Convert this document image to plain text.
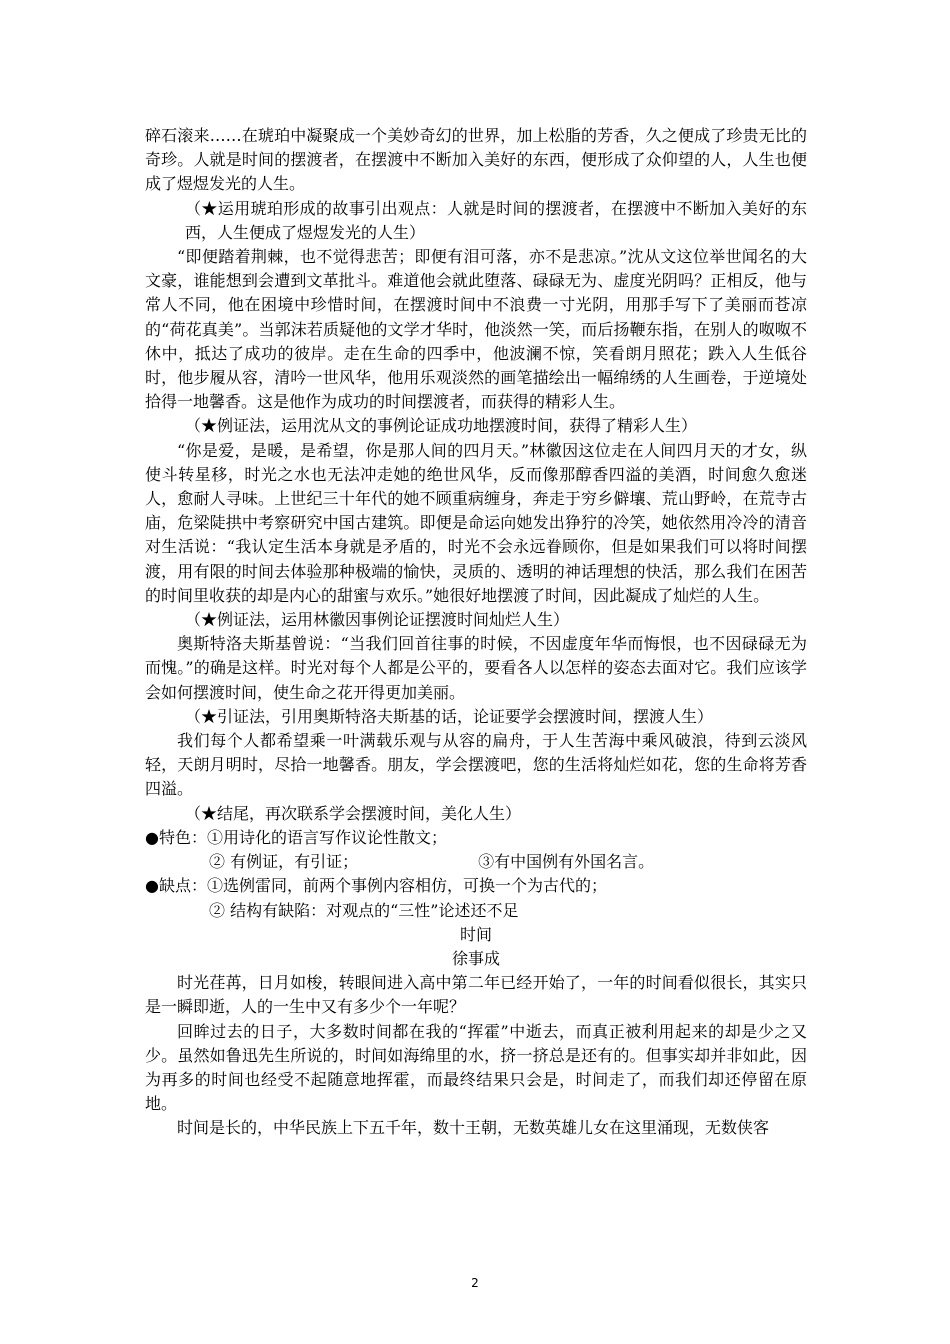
碎石滚来……在琥珀中凝聚成一个美妙奇幻的世界，加上松脂的芳香，久之便成了珍贵无比的奇珍。人就是时间的摆渡者，在摆渡中不断加入美好的东西，便形成了众仰望的人，人生也便成了煜煜发光的人生。

（★运用琥珀形成的故事引出观点：人就是时间的摆渡者，在摆渡中不断加入美好的东西，人生便成了煜煜发光的人生）

“即便踏着荆棘，也不觉得悲苦；即便有泪可落，亦不是悲凉。”沈从文这位举世闻名的大文豪，谁能想到会遭到文革批斗。难道他会就此堕落、碌碌无为、虚度光阴吗？正相反，他与常人不同，他在困境中珍惜时间，在摆渡时间中不浪费一寸光阴，用那手写下了美丽而苍凉的“荷花真美”。当郭沫若质疑他的文学才华时，他淡然一笑，而后扬鞭东指，在别人的呶呶不休中，抵达了成功的彼岸。走在生命的四季中，他波澜不惊，笑看朗月照花；跌入人生低谷时，他步履从容，清吟一世风华，他用乐观淡然的画笔描绘出一幅绵绣的人生画卷，于逆境处拾得一地馨香。这是他作为成功的时间摆渡者，而获得的精彩人生。

（★例证法，运用沈从文的事例论证成功地摆渡时间，获得了精彩人生）

“你是爱，是暖，是希望，你是那人间的四月天。”林徽因这位走在人间四月天的才女，纵使斗转星移，时光之水也无法冲走她的绝世风华，反而像那醇香四溢的美酒，时间愈久愈迷人，愈耐人寻味。上世纪三十年代的她不顾重病缠身，奔走于穷乡僻壤、荒山野岭，在荒寺古庙，危梁陡拱中考察研究中国古建筑。即便是命运向她发出狰狞的冷笑，她依然用冷冷的清音对生活说：“我认定生活本身就是矛盾的，时光不会永远眷顾你，但是如果我们可以将时间摆渡，用有限的时间去体验那种极端的愉快，灵质的、透明的神话理想的快活，那么我们在困苦的时间里收获的却是内心的甜蜜与欢乐。”她很好地摆渡了时间，因此凝成了灿烂的人生。

（★例证法，运用林徽因事例论证摆渡时间灿烂人生）

奥斯特洛夫斯基曾说：“当我们回首往事的时候，不因虚度年华而悔恨，也不因碌碌无为而愧。”的确是这样。时光对每个人都是公平的，要看各人以怎样的姿态去面对它。我们应该学会如何摆渡时间，使生命之花开得更加美丽。

（★引证法，引用奥斯特洛夫斯基的话，论证要学会摆渡时间，摆渡人生）

我们每个人都希望乘一叶满载乐观与从容的扁舟，于人生苦海中乘风破浪，待到云淡风轻，天朗月明时，尽拾一地馨香。朋友，学会摆渡吧，您的生活将灿烂如花，您的生命将芳香四溢。

（★结尾，再次联系学会摆渡时间，美化人生）

●特色：①用诗化的语言写作议论性散文；

② 有例证，有引证；	③有中国例有外国名言。

●缺点：①选例雷同，前两个事例内容相仿，可换一个为古代的；

② 结构有缺陷：对观点的“三性”论述还不足

时间

徐事成

时光荏苒，日月如梭，转眼间进入高中第二年已经开始了，一年的时间看似很长，其实只是一瞬即逝，人的一生中又有多少个一年呢？

回眸过去的日子，大多数时间都在我的“挥霍”中逝去，而真正被利用起来的却是少之又少。虽然如鲁迅先生所说的，时间如海绵里的水，挤一挤总是还有的。但事实却并非如此，因为再多的时间也经受不起随意地挥霍，而最终结果只会是，时间走了，而我们却还停留在原地。

时间是长的，中华民族上下五千年，数十王朝，无数英雄儿女在这里涌现，无数侠客

2
